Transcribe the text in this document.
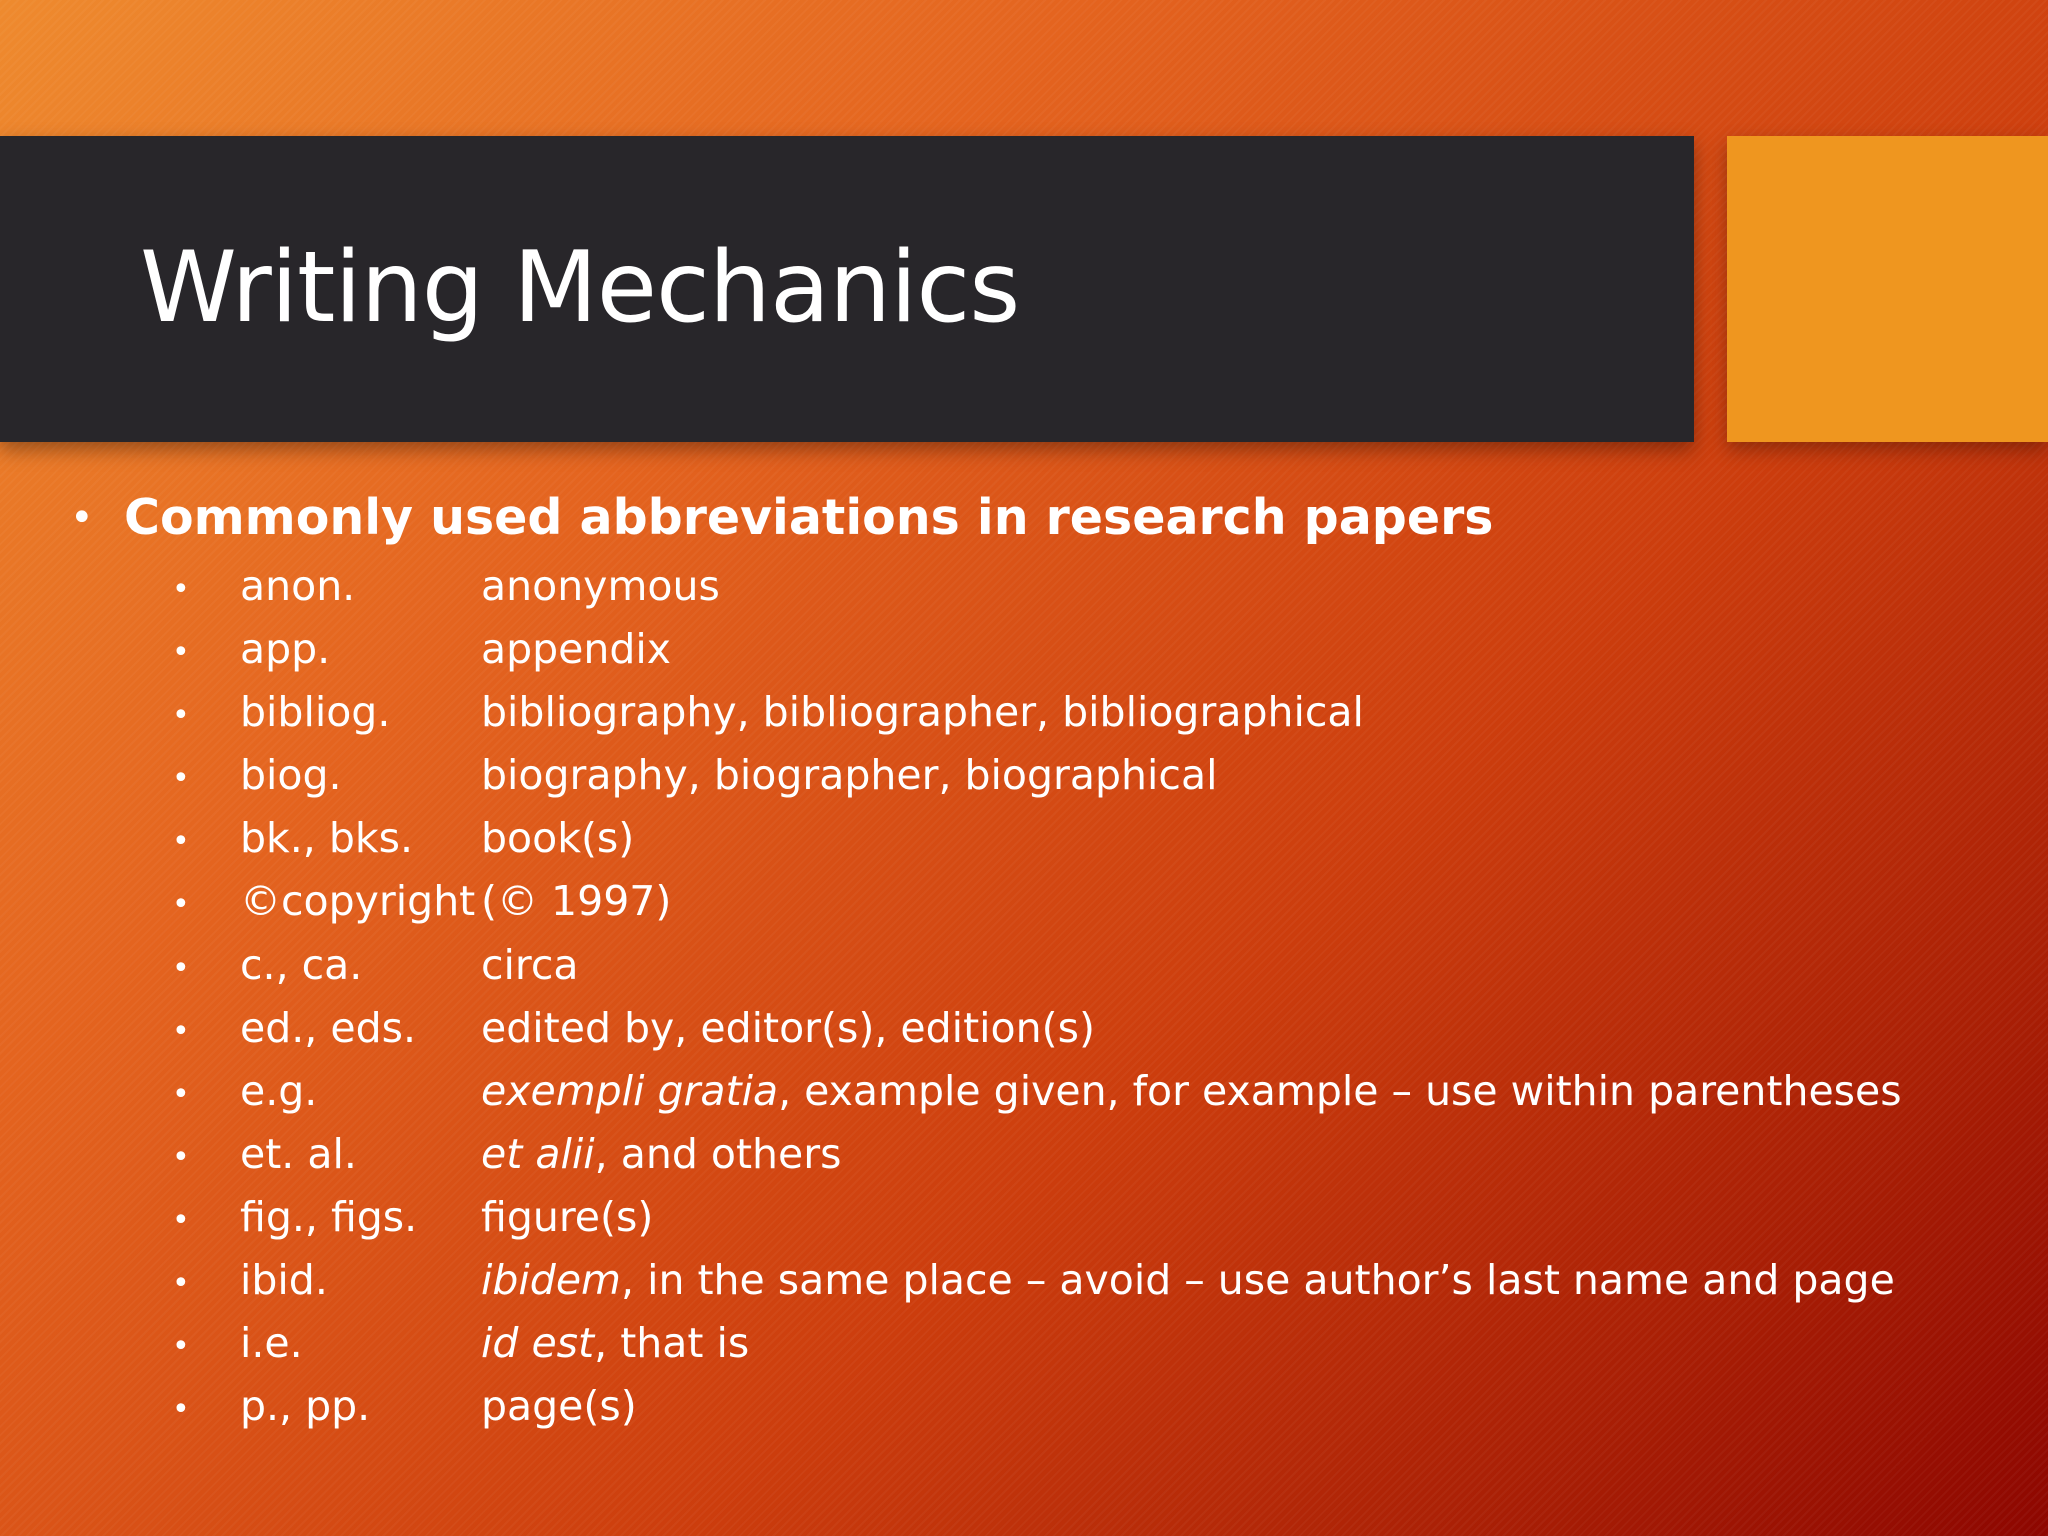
Writing Mechanics
• Commonly used abbreviations in research papers
• anon.	anonymous
• app.	appendix
• bibliog. bibliography, bibliographer, bibliographical
• biog.	biography, biographer, biographical
• bk., bks. book(s)
• ©copyright (© 1997)
• c., ca.	circa
• ed., eds. edited by, editor(s), edition(s)
• e.g.	exempli gratia, example given, for example – use within parentheses
• et. al.	et alii, and others
• fig., figs. figure(s)
• ibid.	ibidem, in the same place – avoid – use author’s last name and page
• i.e.	id est, that is
• p., pp.	page(s)
